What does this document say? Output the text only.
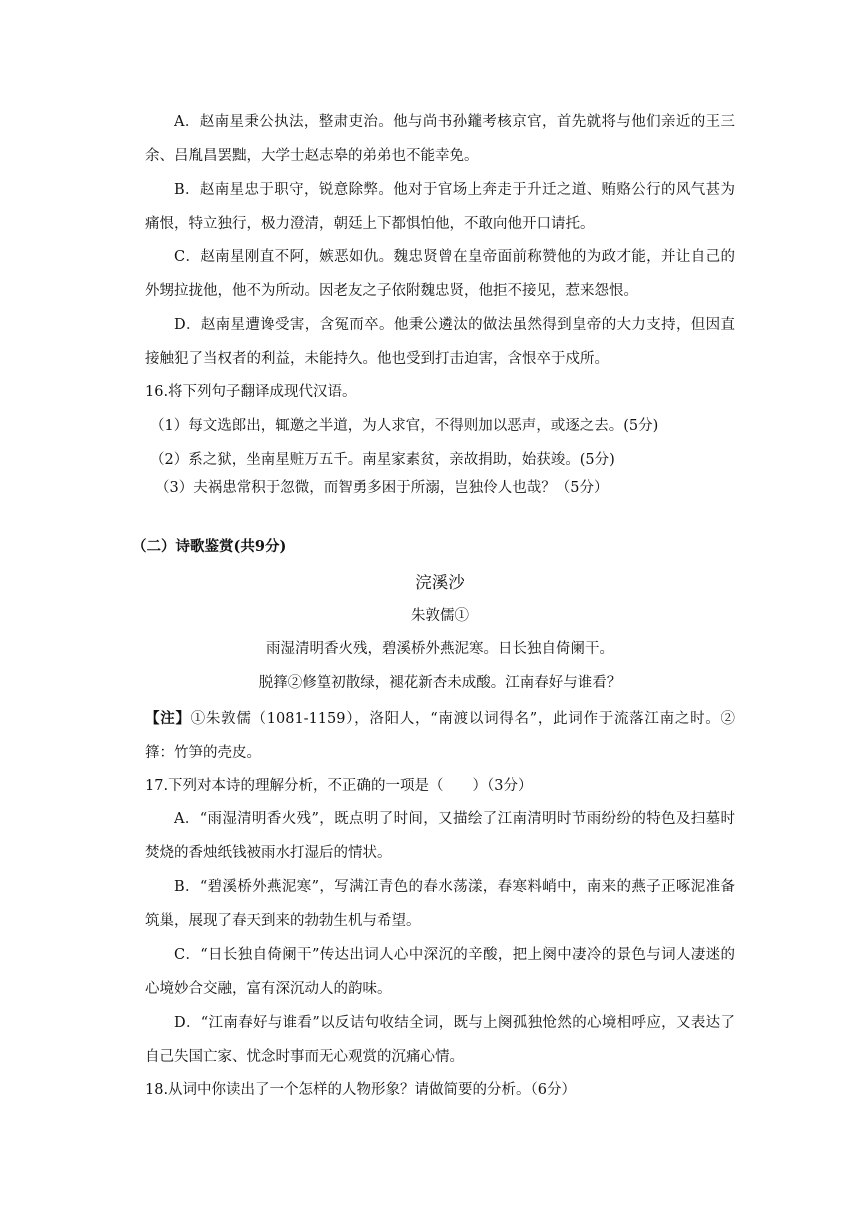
A．赵南星秉公执法，整肃吏治。他与尚书孙鑨考核京官，首先就将与他们亲近的王三余、吕胤昌罢黜，大学士赵志皋的弟弟也不能幸免。
B．赵南星忠于职守，锐意除弊。他对于官场上奔走于升迁之道、贿赂公行的风气甚为痛恨，特立独行，极力澄清，朝廷上下都惧怕他，不敢向他开口请托。
C．赵南星刚直不阿，嫉恶如仇。魏忠贤曾在皇帝面前称赞他的为政才能，并让自己的外甥拉拢他，他不为所动。因老友之子依附魏忠贤，他拒不接见，惹来怨恨。
D．赵南星遭谗受害，含冤而卒。他秉公遴汰的做法虽然得到皇帝的大力支持，但因直接触犯了当权者的利益，未能持久。他也受到打击迫害，含恨卒于戍所。
16.将下列句子翻译成现代汉语。
（1）每文选郎出，辄邀之半道，为人求官，不得则加以恶声，或逐之去。(5分)
（2）系之狱，坐南星赃万五千。南星家素贫，亲故捐助，始获竣。(5分)
（3）夫祸患常积于忽微，而智勇多困于所溺，岂独伶人也哉？（5分）
（二）诗歌鉴赏(共9分)
浣溪沙
朱敦儒①
雨湿清明香火残，碧溪桥外燕泥寒。日长独自倚阑干。
脱箨②修篁初散绿，褪花新杏未成酸。江南春好与谁看？
【注】①朱敦儒（1081-1159），洛阳人，“南渡以词得名”，此词作于流落江南之时。②箨：竹笋的壳皮。
17.下列对本诗的理解分析，不正确的一项是（　　）（3分）
A．“雨湿清明香火残”，既点明了时间，又描绘了江南清明时节雨纷纷的特色及扫墓时焚烧的香烛纸钱被雨水打湿后的情状。
B．“碧溪桥外燕泥寒”，写满江青色的春水荡漾，春寒料峭中，南来的燕子正啄泥准备筑巢，展现了春天到来的勃勃生机与希望。
C．“日长独自倚阑干”传达出词人心中深沉的辛酸，把上阕中凄冷的景色与词人凄迷的心境妙合交融，富有深沉动人的韵味。
D．“江南春好与谁看”以反诘句收结全词，既与上阕孤独怆然的心境相呼应，又表达了自己失国亡家、忧念时事而无心观赏的沉痛心情。
18.从词中你读出了一个怎样的人物形象？请做简要的分析。（6分）
